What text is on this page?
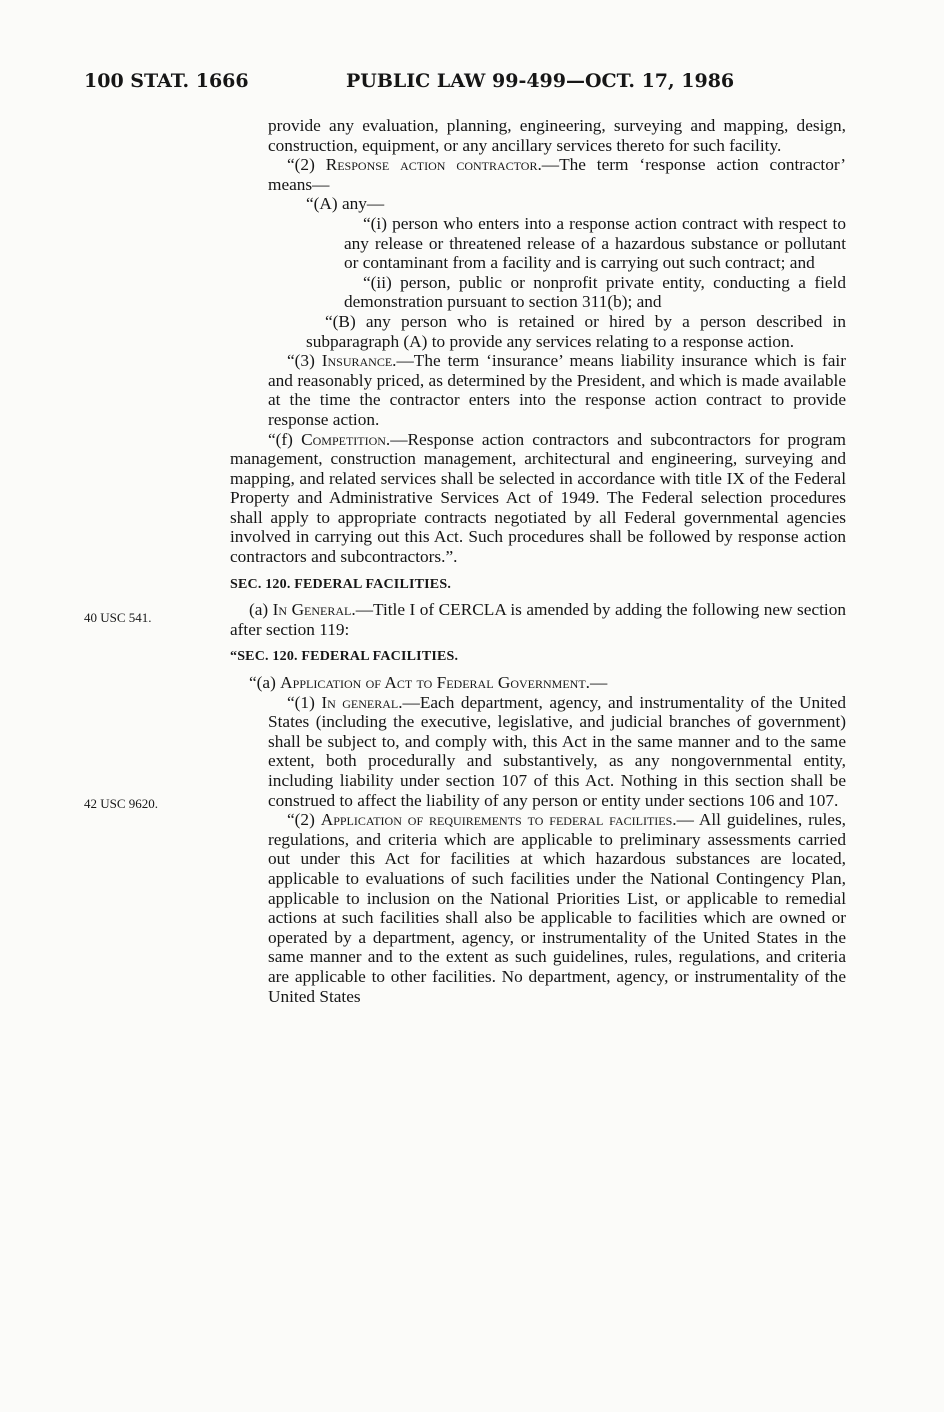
100 STAT. 1666	PUBLIC LAW 99-499—OCT. 17, 1986
40 USC 541.
42 USC 9620.

provide any evaluation, planning, engineering, surveying and mapping, design, construction, equipment, or any ancillary services thereto for such facility.

“(2) Response action contractor.—The term ‘response action contractor’ means—

“(A) any—

“(i) person who enters into a response action contract with respect to any release or threatened release of a hazardous substance or pollutant or contaminant from a facility and is carrying out such contract; and

“(ii) person, public or nonprofit private entity, conducting a field demonstration pursuant to section 311(b); and

“(B) any person who is retained or hired by a person described in subparagraph (A) to provide any services relating to a response action.

“(3) Insurance.—The term ‘insurance’ means liability insurance which is fair and reasonably priced, as determined by the President, and which is made available at the time the contractor enters into the response action contract to provide response action.

“(f) Competition.—Response action contractors and subcontractors for program management, construction management, architectural and engineering, surveying and mapping, and related services shall be selected in accordance with title IX of the Federal Property and Administrative Services Act of 1949. The Federal selection procedures shall apply to appropriate contracts negotiated by all Federal governmental agencies involved in carrying out this Act. Such procedures shall be followed by response action contractors and subcontractors.”.

SEC. 120. FEDERAL FACILITIES.

(a) In General.—Title I of CERCLA is amended by adding the following new section after section 119:

“SEC. 120. FEDERAL FACILITIES.

“(a) Application of Act to Federal Government.—

“(1) In general.—Each department, agency, and instrumentality of the United States (including the executive, legislative, and judicial branches of government) shall be subject to, and comply with, this Act in the same manner and to the same extent, both procedurally and substantively, as any nongovernmental entity, including liability under section 107 of this Act. Nothing in this section shall be construed to affect the liability of any person or entity under sections 106 and 107.

“(2) Application of requirements to federal facilities.— All guidelines, rules, regulations, and criteria which are applicable to preliminary assessments carried out under this Act for facilities at which hazardous substances are located, applicable to evaluations of such facilities under the National Contingency Plan, applicable to inclusion on the National Priorities List, or applicable to remedial actions at such facilities shall also be applicable to facilities which are owned or operated by a department, agency, or instrumentality of the United States in the same manner and to the extent as such guidelines, rules, regulations, and criteria are applicable to other facilities. No department, agency, or instrumentality of the United States
